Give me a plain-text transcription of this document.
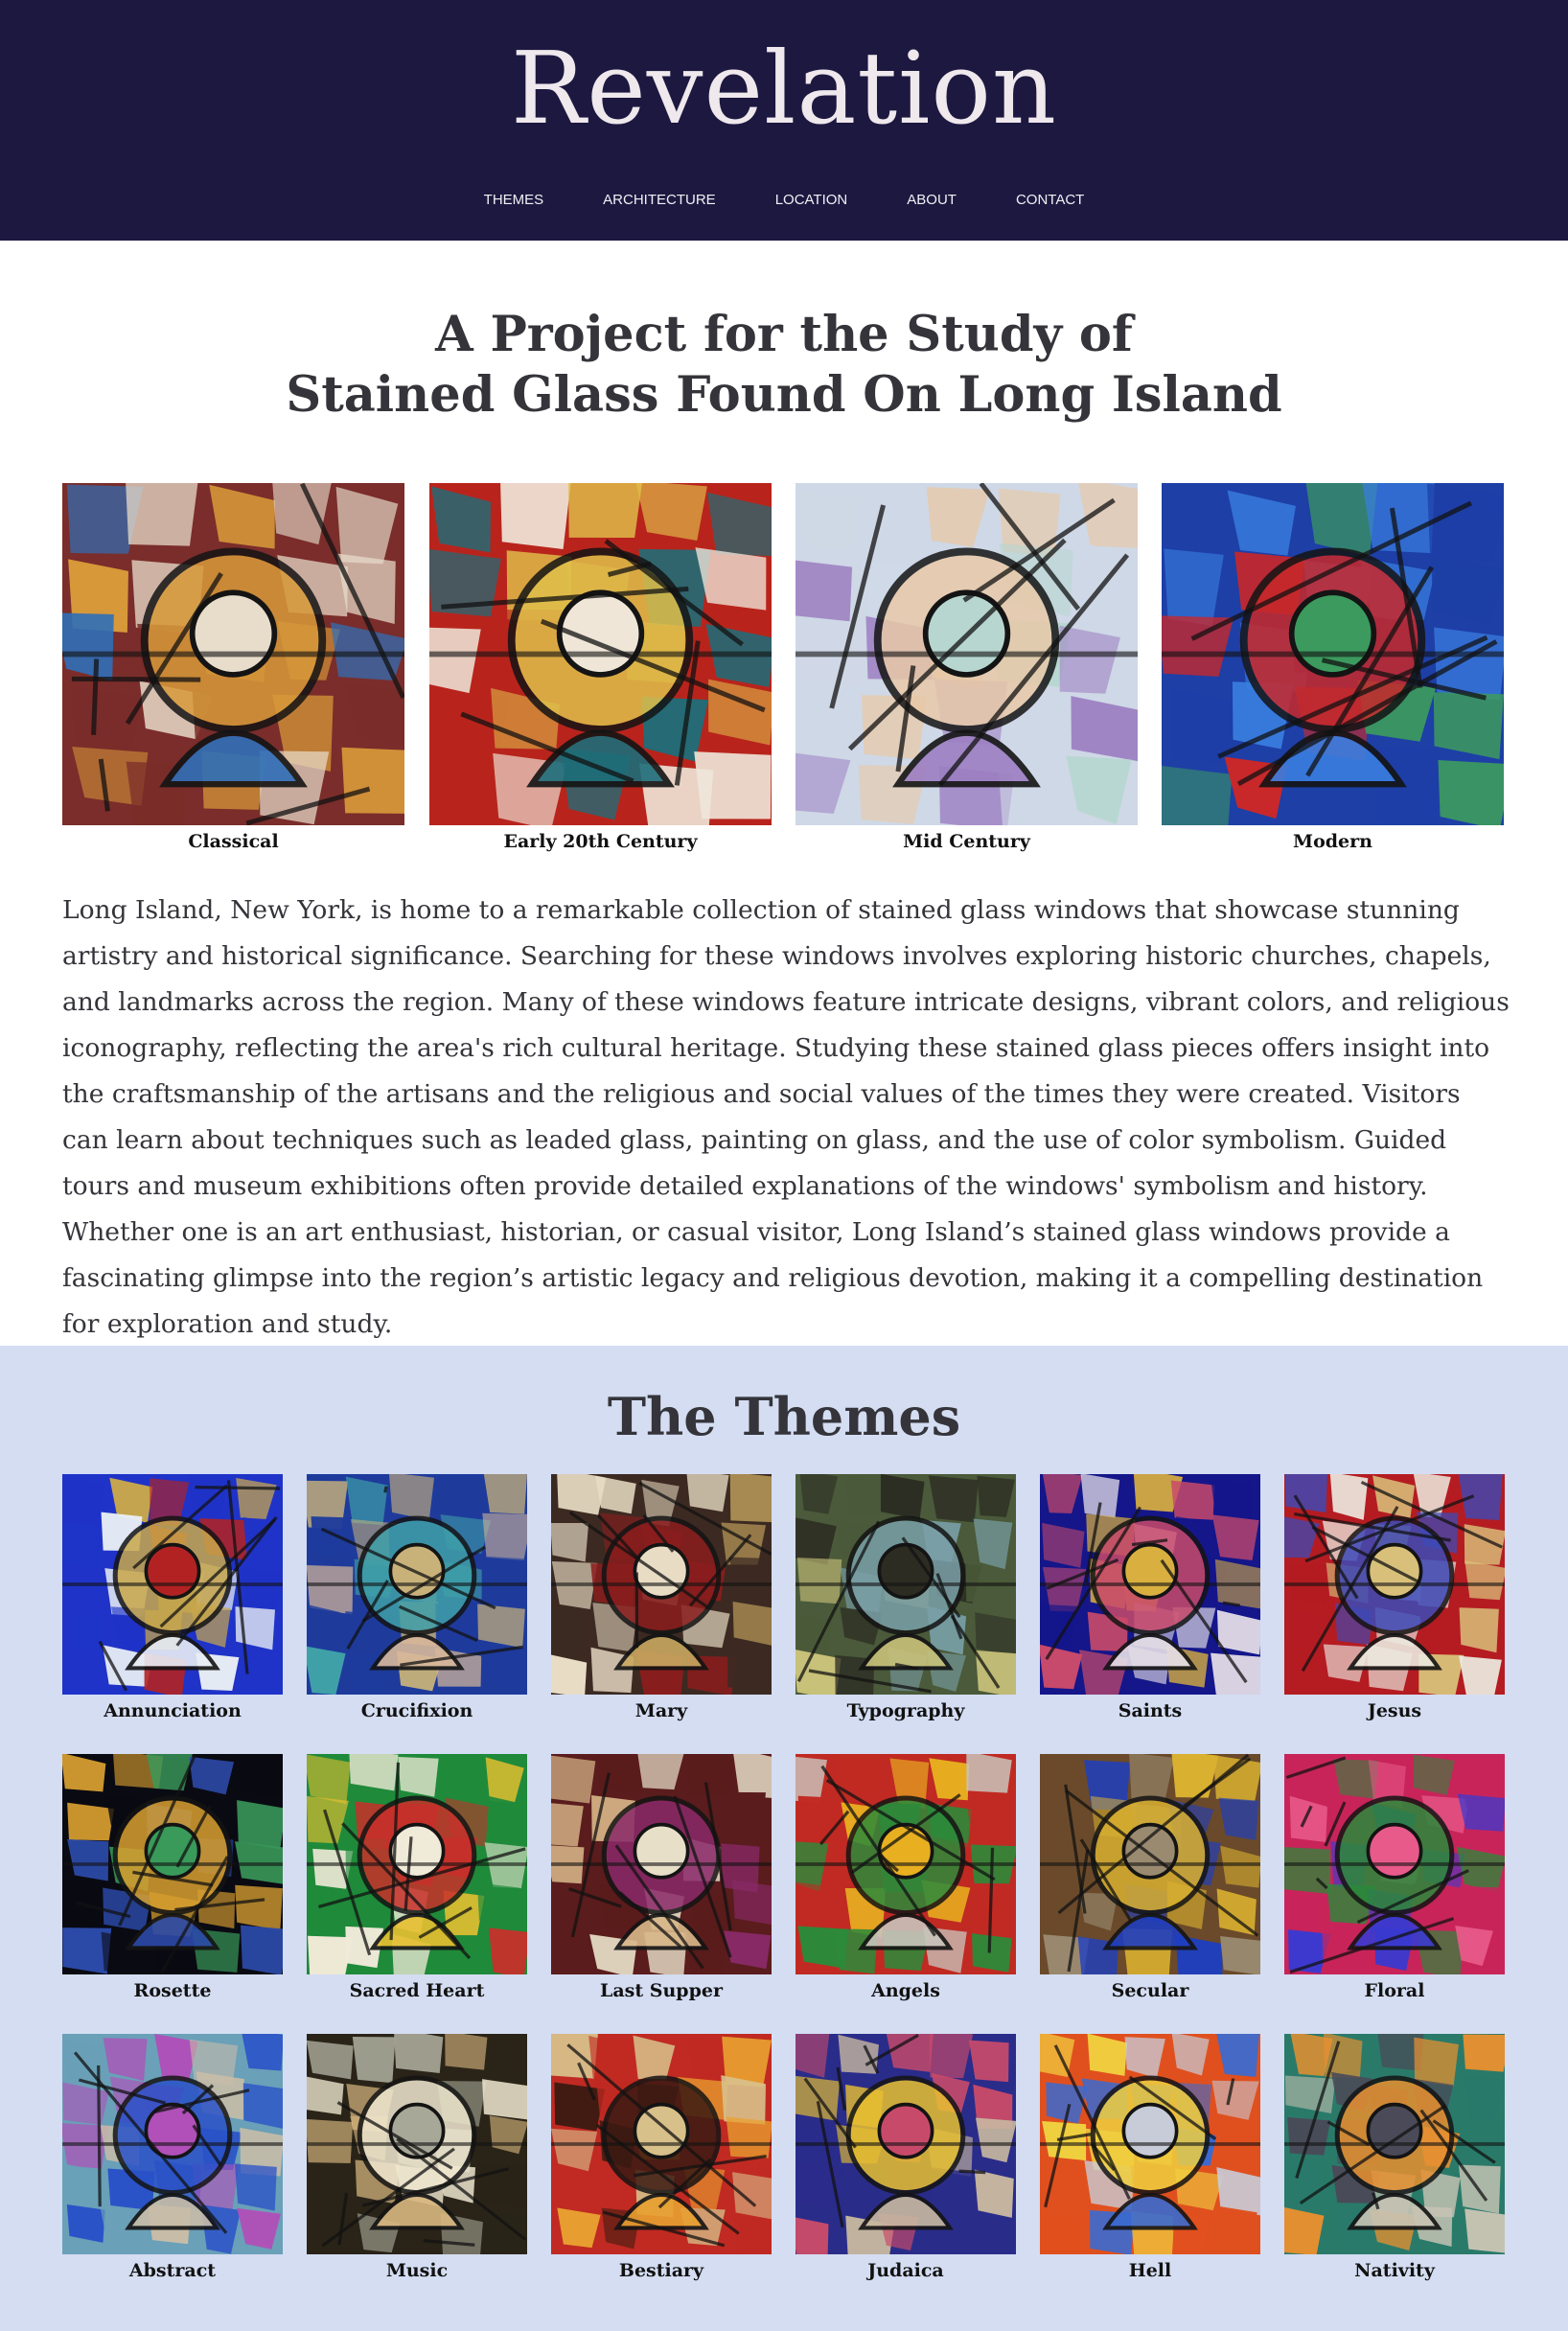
Revelation
THEMES	ARCHITECTURE	LOCATION	ABOUT	CONTACT
A Project for the Study of
Stained Glass Found On Long Island
Classical	Early 20th Century	Mid Century	Modern

Long Island, New York, is home to a remarkable collection of stained glass windows that showcase stunning artistry and historical significance. Searching for these windows involves exploring historic churches, chapels, and landmarks across the region. Many of these windows feature intricate designs, vibrant colors, and religious iconography, reflecting the area's rich cultural heritage. Studying these stained glass pieces offers insight into the craftsmanship of the artisans and the religious and social values of the times they were created. Visitors can learn about techniques such as leaded glass, painting on glass, and the use of color symbolism. Guided tours and museum exhibitions often provide detailed explanations of the windows' symbolism and history. Whether one is an art enthusiast, historian, or casual visitor, Long Island’s stained glass windows provide a fascinating glimpse into the region’s artistic legacy and religious devotion, making it a compelling destination for exploration and study.

The Themes
Annunciation	Crucifixion	Mary	Typography	Saints	Jesus
Rosette	Sacred Heart	Last Supper	Angels	Secular	Floral
Abstract	Music	Bestiary	Judaica	Hell	Nativity
